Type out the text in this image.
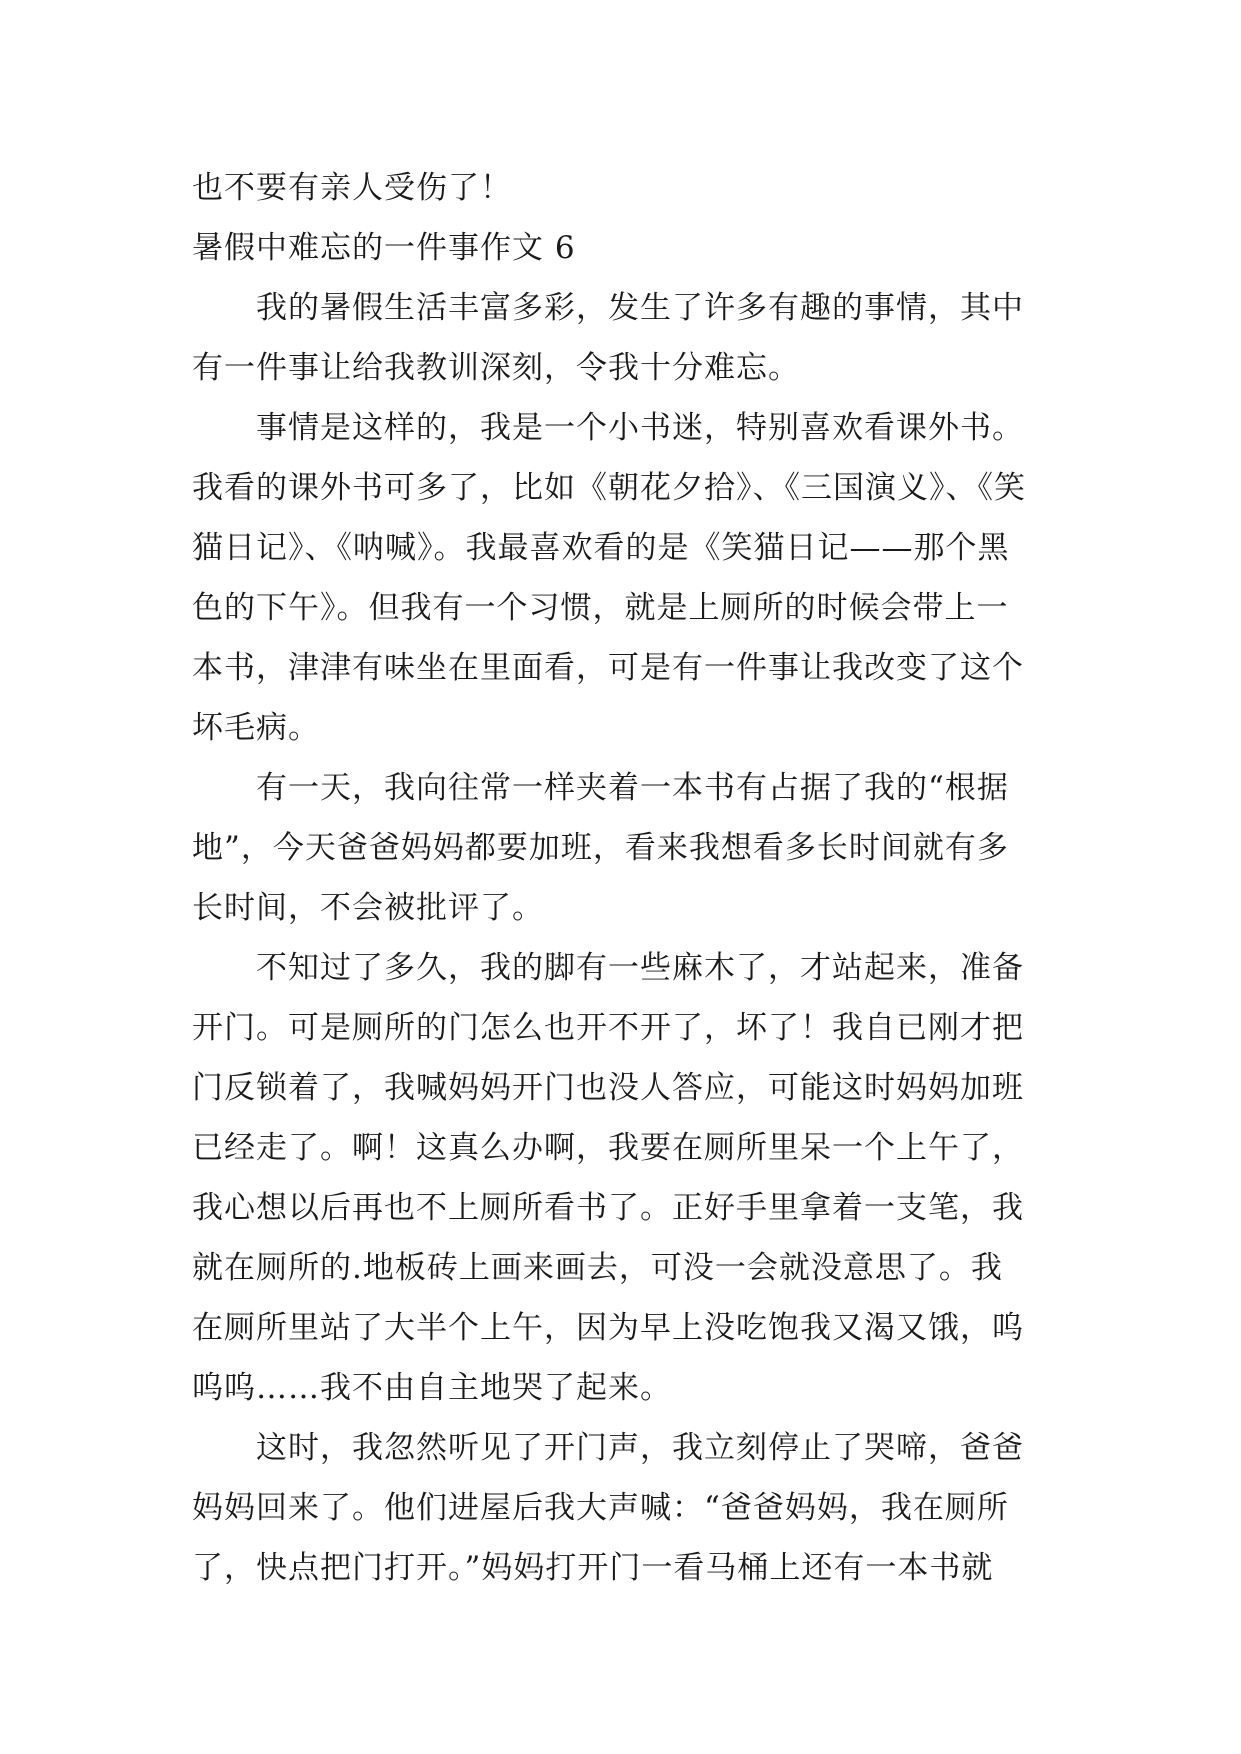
也不要有亲人受伤了！
暑假中难忘的一件事作文 6
我的暑假生活丰富多彩，发生了许多有趣的事情，其中
有一件事让给我教训深刻，令我十分难忘。
事情是这样的，我是一个小书迷，特别喜欢看课外书。
我看的课外书可多了，比如《朝花夕拾》、《三国演义》、《笑
猫日记》、《呐喊》。我最喜欢看的是《笑猫日记——那个黑
色的下午》。但我有一个习惯，就是上厕所的时候会带上一
本书，津津有味坐在里面看，可是有一件事让我改变了这个
坏毛病。
有一天，我向往常一样夹着一本书有占据了我的“根据
地”，今天爸爸妈妈都要加班，看来我想看多长时间就有多
长时间，不会被批评了。
不知过了多久，我的脚有一些麻木了，才站起来，准备
开门。可是厕所的门怎么也开不开了，坏了！我自已刚才把
门反锁着了，我喊妈妈开门也没人答应，可能这时妈妈加班
已经走了。啊！这真么办啊，我要在厕所里呆一个上午了，
我心想以后再也不上厕所看书了。正好手里拿着一支笔，我
就在厕所的.地板砖上画来画去，可没一会就没意思了。我
在厕所里站了大半个上午，因为早上没吃饱我又渴又饿，呜
呜呜……我不由自主地哭了起来。
这时，我忽然听见了开门声，我立刻停止了哭啼，爸爸
妈妈回来了。他们进屋后我大声喊：“爸爸妈妈，我在厕所
了，快点把门打开。”妈妈打开门一看马桶上还有一本书就
